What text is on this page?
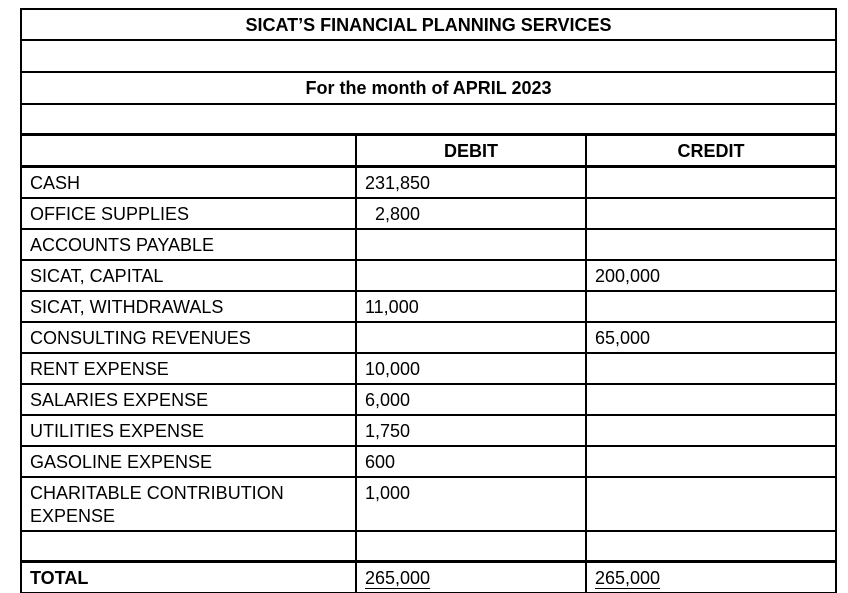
SICAT’S FINANCIAL PLANNING SERVICES		

For the month of APRIL 2023		

	DEBIT	CREDIT
CASH	231,850	
OFFICE SUPPLIES	2,800	
ACCOUNTS PAYABLE		
SICAT, CAPITAL		200,000
SICAT, WITHDRAWALS	11,000	
CONSULTING REVENUES		65,000
RENT EXPENSE	10,000	
SALARIES EXPENSE	6,000	
UTILITIES EXPENSE	1,750	
GASOLINE EXPENSE	600	
CHARITABLE CONTRIBUTION EXPENSE	1,000	

TOTAL	265,000	265,000
